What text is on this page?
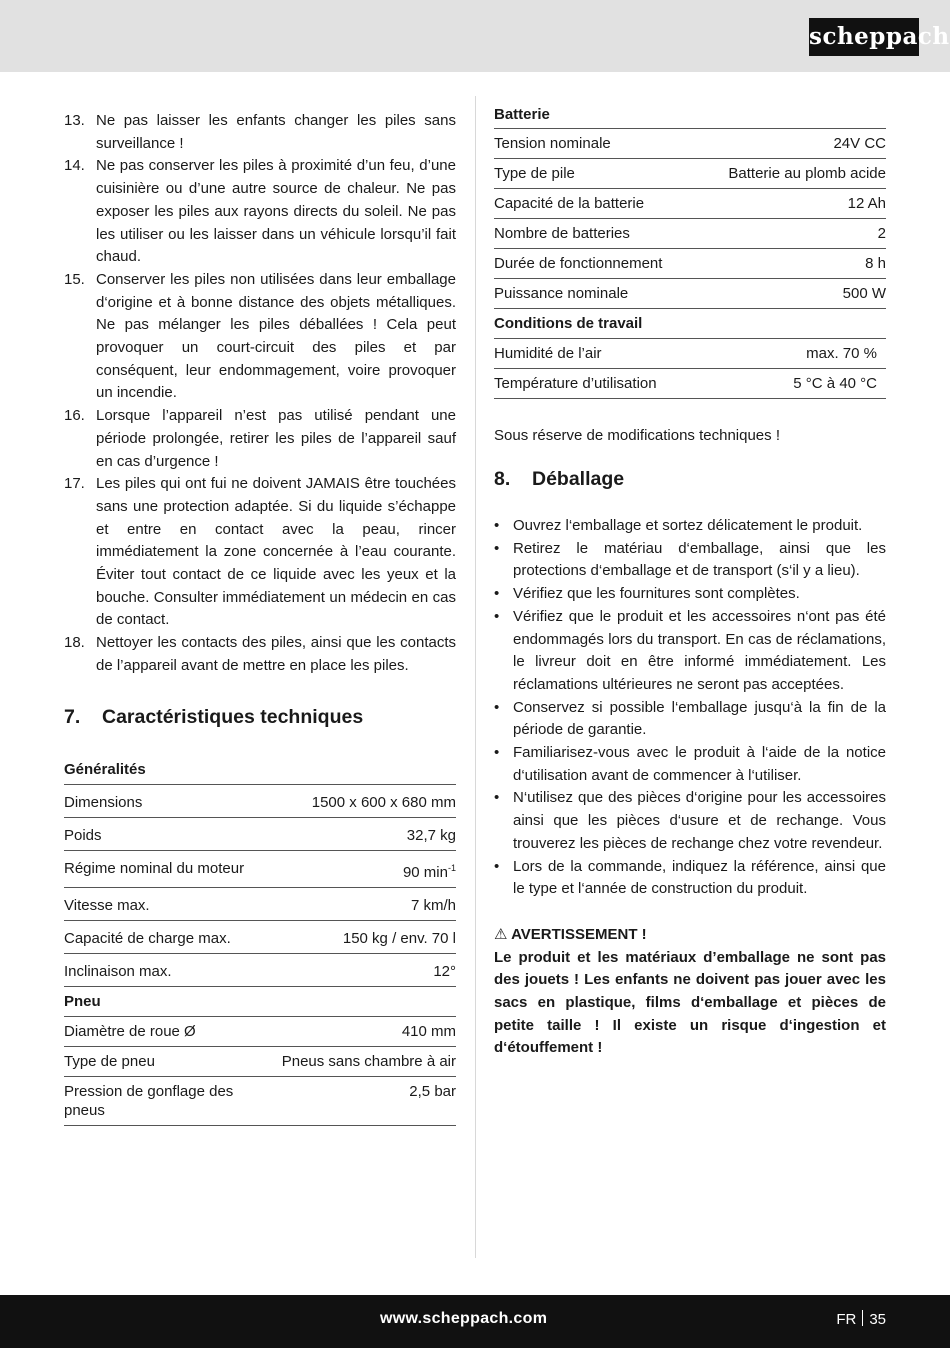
scheppach
13. Ne pas laisser les enfants changer les piles sans surveillance !
14. Ne pas conserver les piles à proximité d’un feu, d’une cuisinière ou d’une autre source de chaleur. Ne pas exposer les piles aux rayons directs du soleil. Ne pas les utiliser ou les laisser dans un véhicule lorsqu’il fait chaud.
15. Conserver les piles non utilisées dans leur emballage d‘origine et à bonne distance des objets métalliques. Ne pas mélanger les piles déballées ! Cela peut provoquer un court-circuit des piles et par conséquent, leur endommagement, voire provoquer un incendie.
16. Lorsque l’appareil n’est pas utilisé pendant une période prolongée, retirer les piles de l’appareil sauf en cas d’urgence !
17. Les piles qui ont fui ne doivent JAMAIS être touchées sans une protection adaptée. Si du liquide s’échappe et entre en contact avec la peau, rincer immédiatement la zone concernée à l’eau courante. Éviter tout contact de ce liquide avec les yeux et la bouche. Consulter immédiatement un médecin en cas de contact.
18. Nettoyer les contacts des piles, ainsi que les contacts de l’appareil avant de mettre en place les piles.
7.	Caractéristiques techniques
Généralités
Dimensions	1500 x 600 x 680 mm
Poids	32,7 kg
Régime nominal du moteur	90 $\min^{-1}$
Vitesse max.	7 km/h
Capacité de charge max.	150 kg / env. 70 l
Inclinaison max.	12°
Pneu	
Diamètre de roue Ø	410 mm
Type de pneu	Pneus sans chambre à air
Pression de gonflage des pneus	2,5 bar
Batterie
Tension nominale	24V CC
Type de pile	Batterie au plomb acide
Capacité de la batterie	12 Ah
Nombre de batteries	2
Durée de fonctionnement	8 h
Puissance nominale	500 W
Conditions de travail	
Humidité de l’air	max. 70 %
Température d’utilisation	5 °C à 40 °C
Sous réserve de modifications techniques !
8.	Déballage
• Ouvrez l‘emballage et sortez délicatement le produit.
• Retirez le matériau d‘emballage, ainsi que les protections d‘emballage et de transport (s‘il y a lieu).
• Vérifiez que les fournitures sont complètes.
• Vérifiez que le produit et les accessoires n‘ont pas été endommagés lors du transport. En cas de réclamations, le livreur doit en être informé immédiatement. Les réclamations ultérieures ne seront pas acceptées.
• Conservez si possible l‘emballage jusqu‘à la fin de la période de garantie.
• Familiarisez-vous avec le produit à l‘aide de la notice d‘utilisation avant de commencer à l‘utiliser.
• N‘utilisez que des pièces d‘origine pour les accessoires ainsi que les pièces d‘usure et de rechange. Vous trouverez les pièces de rechange chez votre revendeur.
• Lors de la commande, indiquez la référence, ainsi que le type et l‘année de construction du produit.
⚠ AVERTISSEMENT !
Le produit et les matériaux d’emballage ne sont pas des jouets ! Les enfants ne doivent pas jouer avec les sacs en plastique, films d‘emballage et pièces de petite taille ! Il existe un risque d‘ingestion et d‘étouffement !
www.scheppach.com	FR 35
